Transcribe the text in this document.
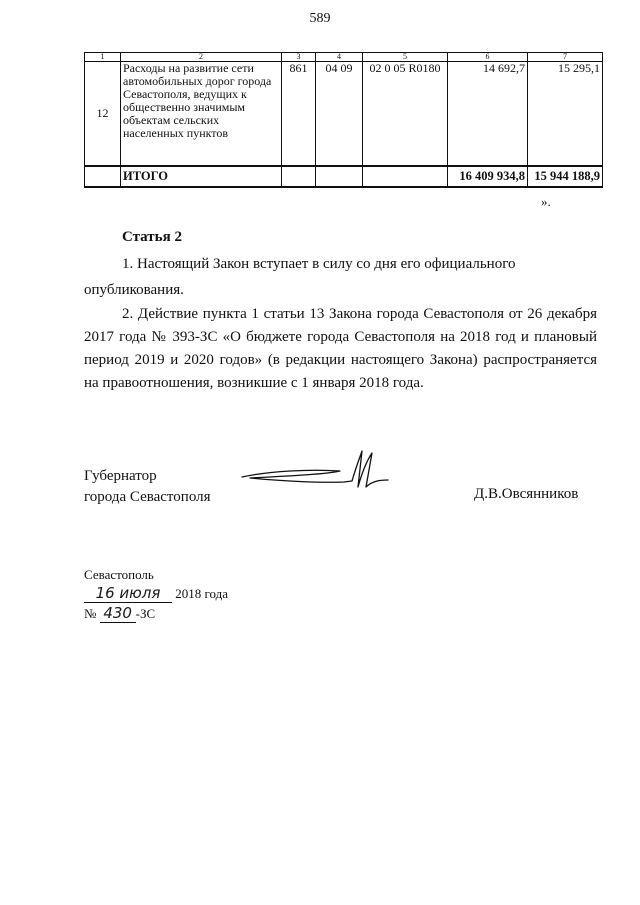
589
1	2	3	4	5	6	7
12	Расходы на развитие сети автомобильных дорог города Севастополя, ведущих к общественно значимым объектам сельских населенных пунктов	861	04 09	02 0 05 R0180	14 692,7	15 295,1
	ИТОГО				16 409 934,8	15 944 188,9
».
Статья 2
1. Настоящий Закон вступает в силу со дня его официального
опубликования.
2. Действие пункта 1 статьи 13 Закона города Севастополя от 26 декабря 2017 года № 393-ЗС «О бюджете города Севастополя на 2018 год и плановый период 2019 и 2020 годов» (в редакции настоящего Закона) распространяется на правоотношения, возникшие с 1 января 2018 года.
Губернатор
города Севастополя	Д.В.Овсянников
Севастополь
16 июля 2018 года
№ 430 -ЗС
